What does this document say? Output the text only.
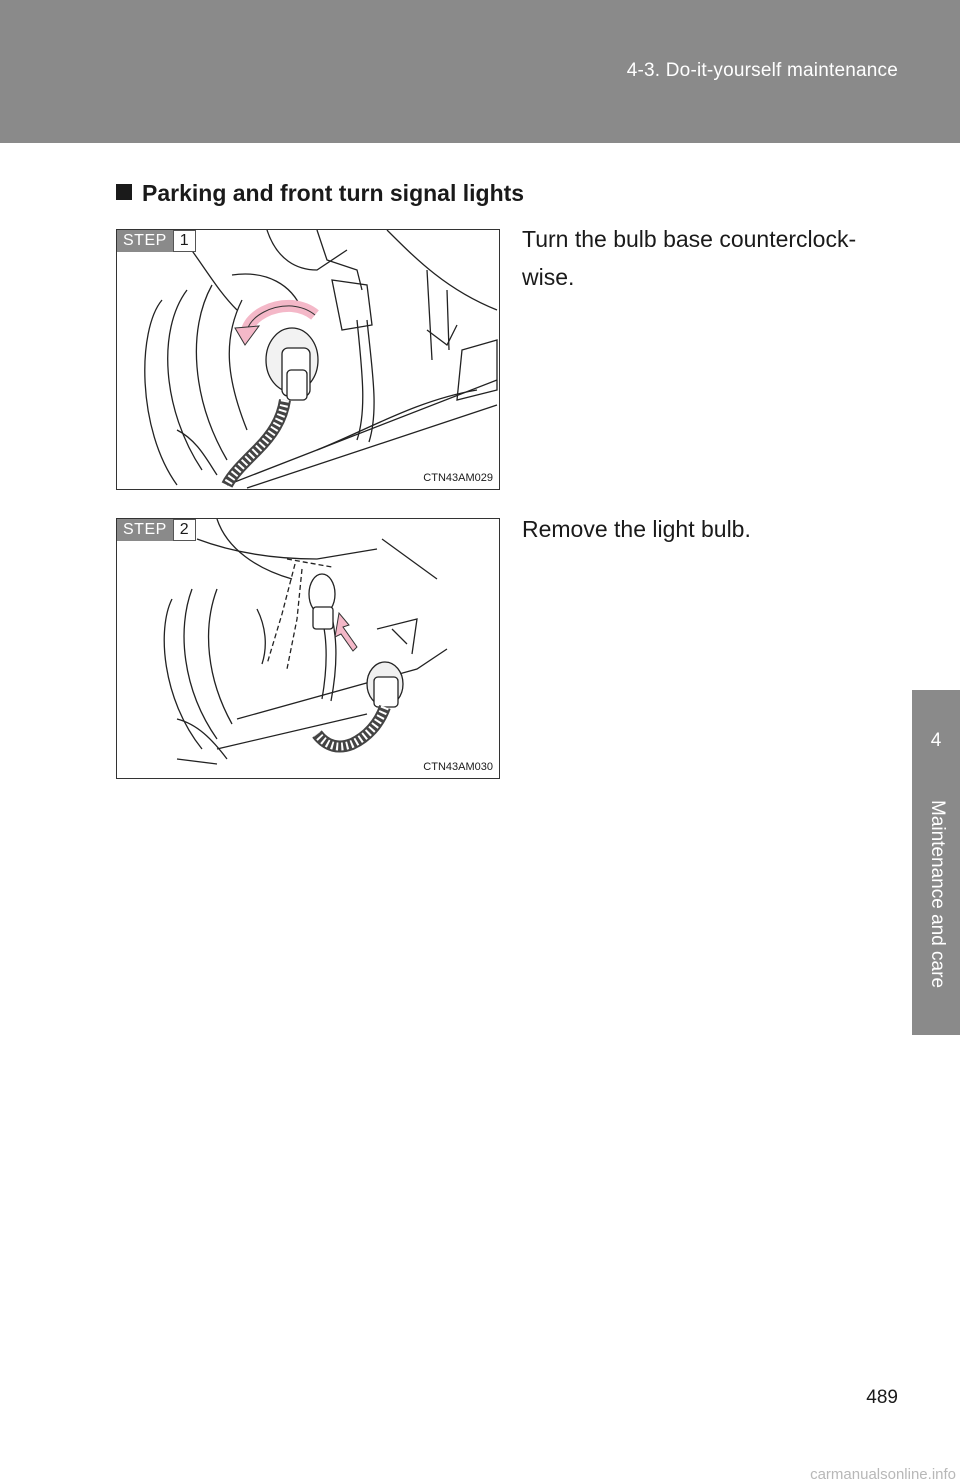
4-3. Do-it-yourself maintenance
4
Maintenance and care
Parking and front turn signal lights
STEP 1
CTN43AM029
Turn the bulb base counterclock-wise.
STEP 2
CTN43AM030
Remove the light bulb.
489
carmanualsonline.info
